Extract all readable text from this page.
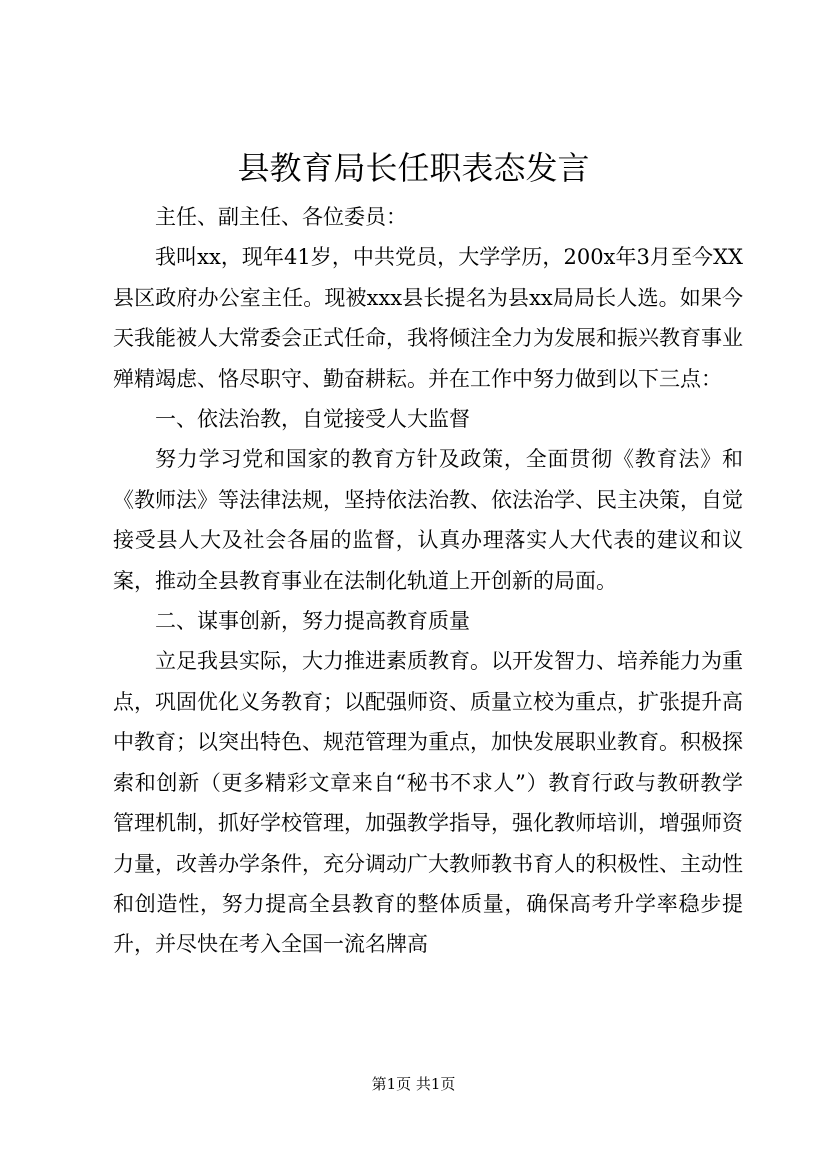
县教育局长任职表态发言

主任、副主任、各位委员：

我叫xx，现年41岁，中共党员，大学学历，200x年3月至今XX县区政府办公室主任。现被xxx县长提名为县xx局局长人选。如果今天我能被人大常委会正式任命，我将倾注全力为发展和振兴教育事业殚精竭虑、恪尽职守、勤奋耕耘。并在工作中努力做到以下三点：

一、依法治教，自觉接受人大监督

努力学习党和国家的教育方针及政策，全面贯彻《教育法》和《教师法》等法律法规，坚持依法治教、依法治学、民主决策，自觉接受县人大及社会各届的监督，认真办理落实人大代表的建议和议案，推动全县教育事业在法制化轨道上开创新的局面。

二、谋事创新，努力提高教育质量

立足我县实际，大力推进素质教育。以开发智力、培养能力为重点，巩固优化义务教育；以配强师资、质量立校为重点，扩张提升高中教育；以突出特色、规范管理为重点，加快发展职业教育。积极探索和创新（更多精彩文章来自“秘书不求人”）教育行政与教研教学管理机制，抓好学校管理，加强教学指导，强化教师培训，增强师资力量，改善办学条件，充分调动广大教师教书育人的积极性、主动性和创造性，努力提高全县教育的整体质量，确保高考升学率稳步提升，并尽快在考入全国一流名牌高

第1页 共1页
